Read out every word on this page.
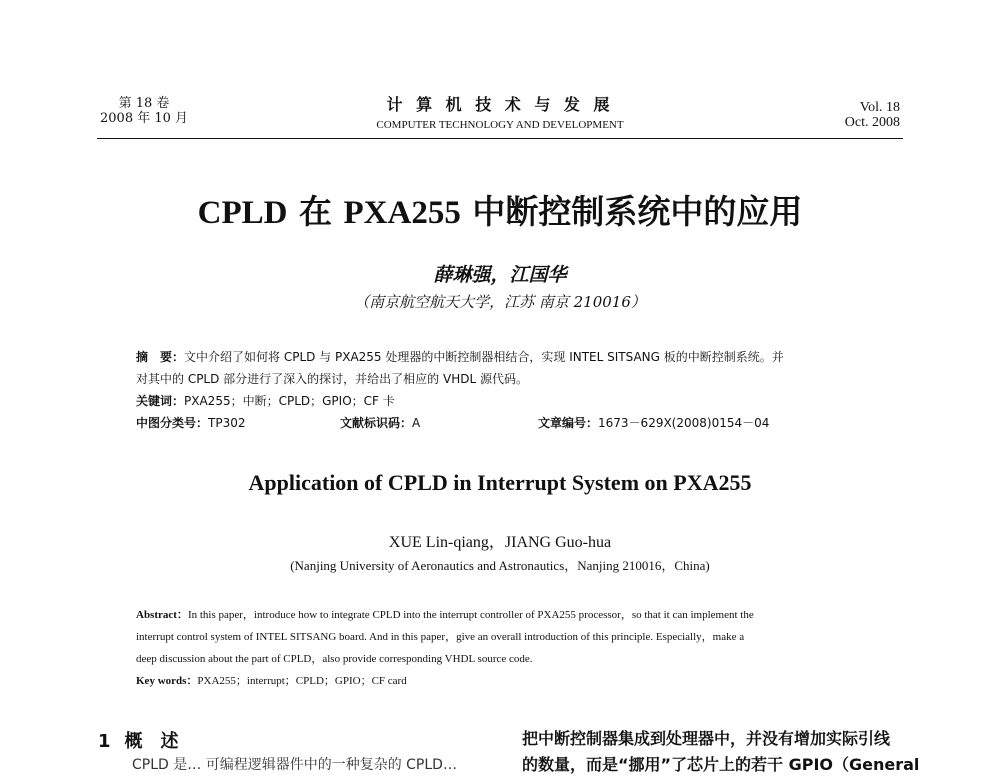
第 18 卷
2008 年 10 月
计 算 机 技 术 与 发 展
COMPUTER TECHNOLOGY AND DEVELOPMENT
Vol. 18
Oct. 2008
CPLD 在 PXA255 中断控制系统中的应用
薛琳强，江国华
（南京航空航天大学，江苏 南京 210016）
摘　要：文中介绍了如何将 CPLD 与 PXA255 处理器的中断控制器相结合，实现 INTEL SITSANG 板的中断控制系统。并
对其中的 CPLD 部分进行了深入的探讨，并给出了相应的 VHDL 源代码。
关键词：PXA255；中断；CPLD；GPIO；CF 卡
中图分类号：TP302	文献标识码：A	文章编号：1673－629X(2008)0154－04
Application of CPLD in Interrupt System on PXA255
XUE Lin-qiang，JIANG Guo-hua
(Nanjing University of Aeronautics and Astronautics，Nanjing 210016，China)
Abstract：In this paper，introduce how to integrate CPLD into the interrupt controller of PXA255 processor，so that it can implement the
interrupt control system of INTEL SITSANG board. And in this paper，give an overall introduction of this principle. Especially，make a
deep discussion about the part of CPLD，also provide corresponding VHDL source code.
Key words：PXA255；interrupt；CPLD；GPIO；CF card
1 概述
CPLD 是… 可编程逻辑器件中的一种复杂的 CPLD…
把中断控制器集成到处理器中，并没有增加实际引线
的数量，而是“挪用”了芯片上的若干 GPIO（General
